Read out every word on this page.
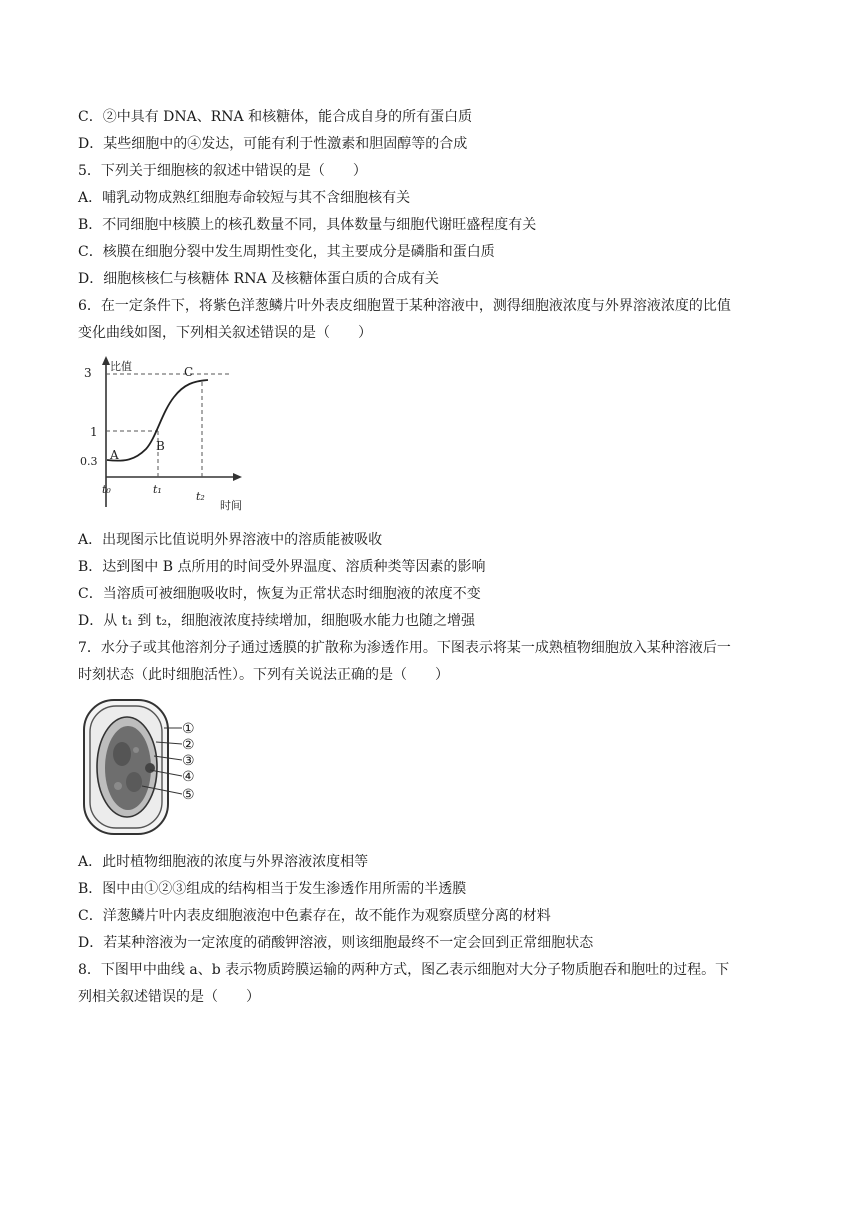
C．②中具有 DNA、RNA 和核糖体，能合成自身的所有蛋白质
D．某些细胞中的④发达，可能有利于性激素和胆固醇等的合成
5．下列关于细胞核的叙述中错误的是（　　）
A．哺乳动物成熟红细胞寿命较短与其不含细胞核有关
B．不同细胞中核膜上的核孔数量不同，具体数量与细胞代谢旺盛程度有关
C．核膜在细胞分裂中发生周期性变化，其主要成分是磷脂和蛋白质
D．细胞核核仁与核糖体 RNA 及核糖体蛋白质的合成有关
6．在一定条件下，将紫色洋葱鳞片叶外表皮细胞置于某种溶液中，测得细胞液浓度与外界溶液浓度的比值
变化曲线如图，下列相关叙述错误的是（　　）
3
1
0.3
比值
时间
t₀	t₁
t₂
A
B
C
A．出现图示比值说明外界溶液中的溶质能被吸收
B．达到图中 B 点所用的时间受外界温度、溶质种类等因素的影响
C．当溶质可被细胞吸收时，恢复为正常状态时细胞液的浓度不变
D．从 t₁ 到 t₂，细胞液浓度持续增加，细胞吸水能力也随之增强
7．水分子或其他溶剂分子通过透膜的扩散称为渗透作用。下图表示将某一成熟植物细胞放入某种溶液后一
时刻状态（此时细胞活性）。下列有关说法正确的是（　　）
①
②
③
④
⑤
A．此时植物细胞液的浓度与外界溶液浓度相等
B．图中由①②③组成的结构相当于发生渗透作用所需的半透膜
C．洋葱鳞片叶内表皮细胞液泡中色素存在，故不能作为观察质壁分离的材料
D．若某种溶液为一定浓度的硝酸钾溶液，则该细胞最终不一定会回到正常细胞状态
8．下图甲中曲线 a、b 表示物质跨膜运输的两种方式，图乙表示细胞对大分子物质胞吞和胞吐的过程。下
列相关叙述错误的是（　　）
